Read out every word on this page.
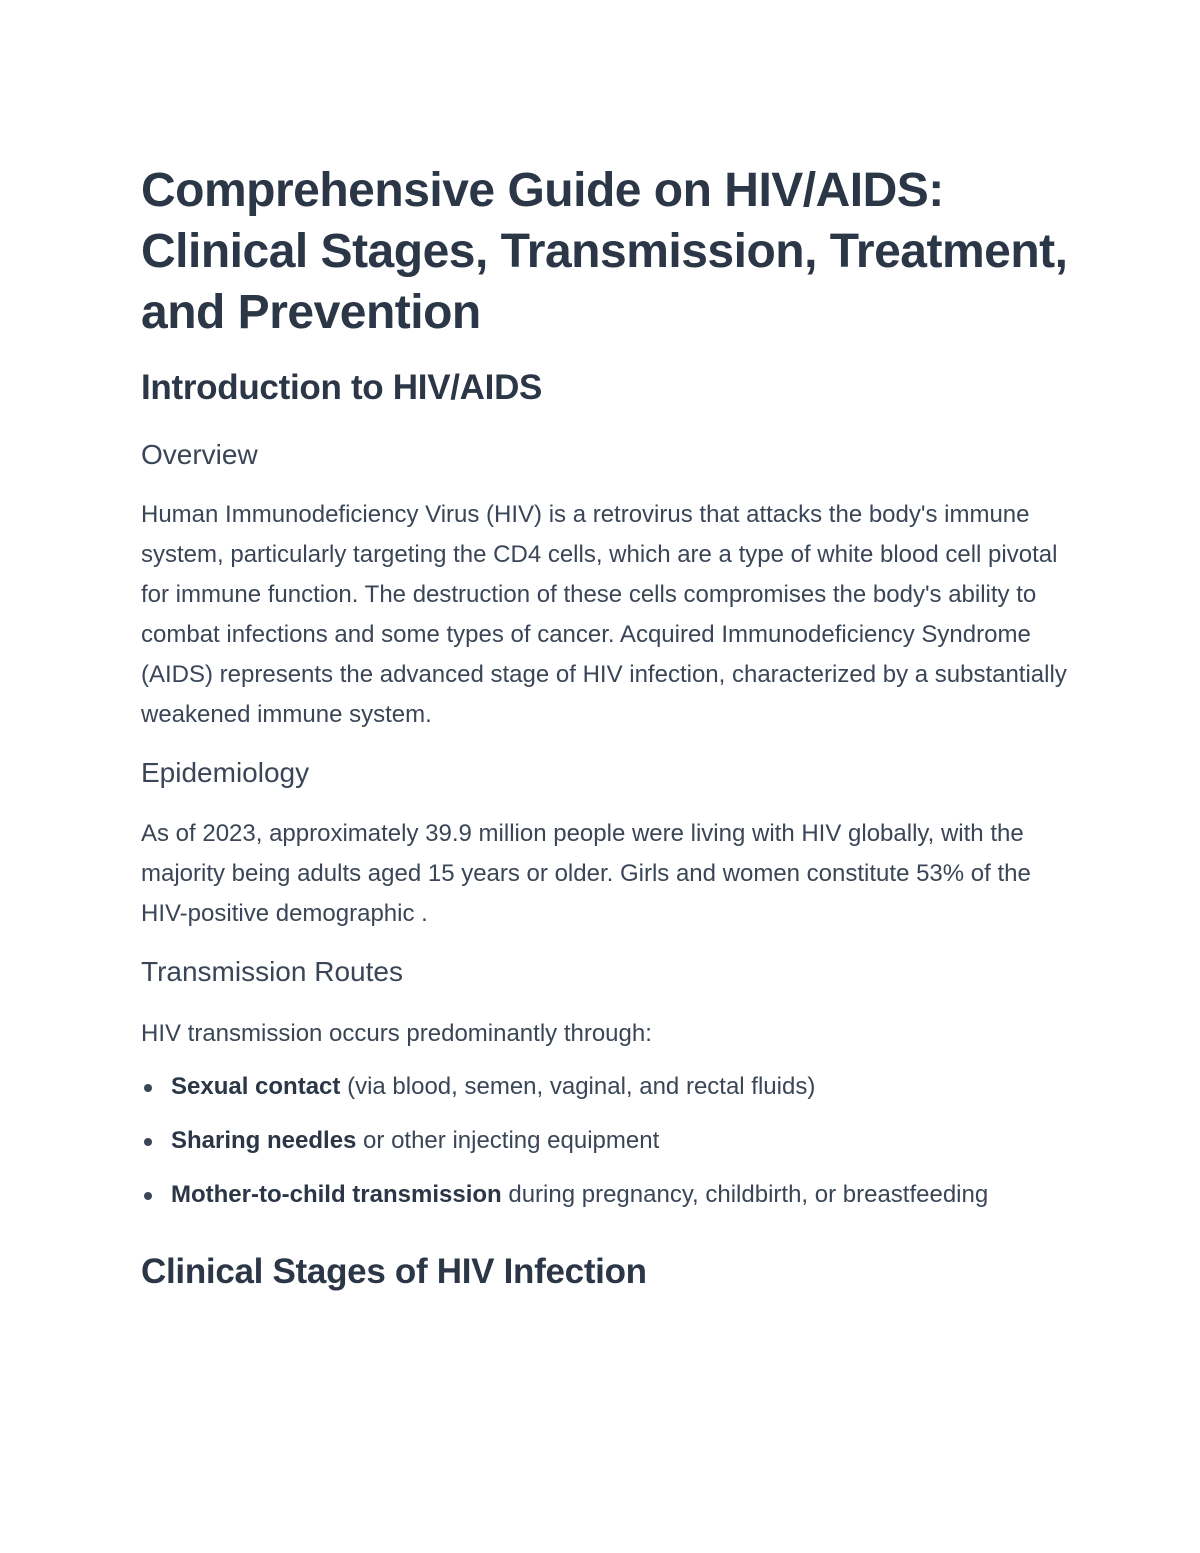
Comprehensive Guide on HIV/AIDS: Clinical Stages, Transmission, Treatment, and Prevention
Introduction to HIV/AIDS
Overview

Human Immunodeficiency Virus (HIV) is a retrovirus that attacks the body's immune system, particularly targeting the CD4 cells, which are a type of white blood cell pivotal for immune function. The destruction of these cells compromises the body's ability to combat infections and some types of cancer. Acquired Immunodeficiency Syndrome (AIDS) represents the advanced stage of HIV infection, characterized by a substantially weakened immune system.

Epidemiology

As of 2023, approximately 39.9 million people were living with HIV globally, with the majority being adults aged 15 years or older. Girls and women constitute 53% of the HIV-positive demographic .

Transmission Routes

HIV transmission occurs predominantly through:

Sexual contact (via blood, semen, vaginal, and rectal fluids)
Sharing needles or other injecting equipment
Mother-to-child transmission during pregnancy, childbirth, or breastfeeding
Clinical Stages of HIV Infection
